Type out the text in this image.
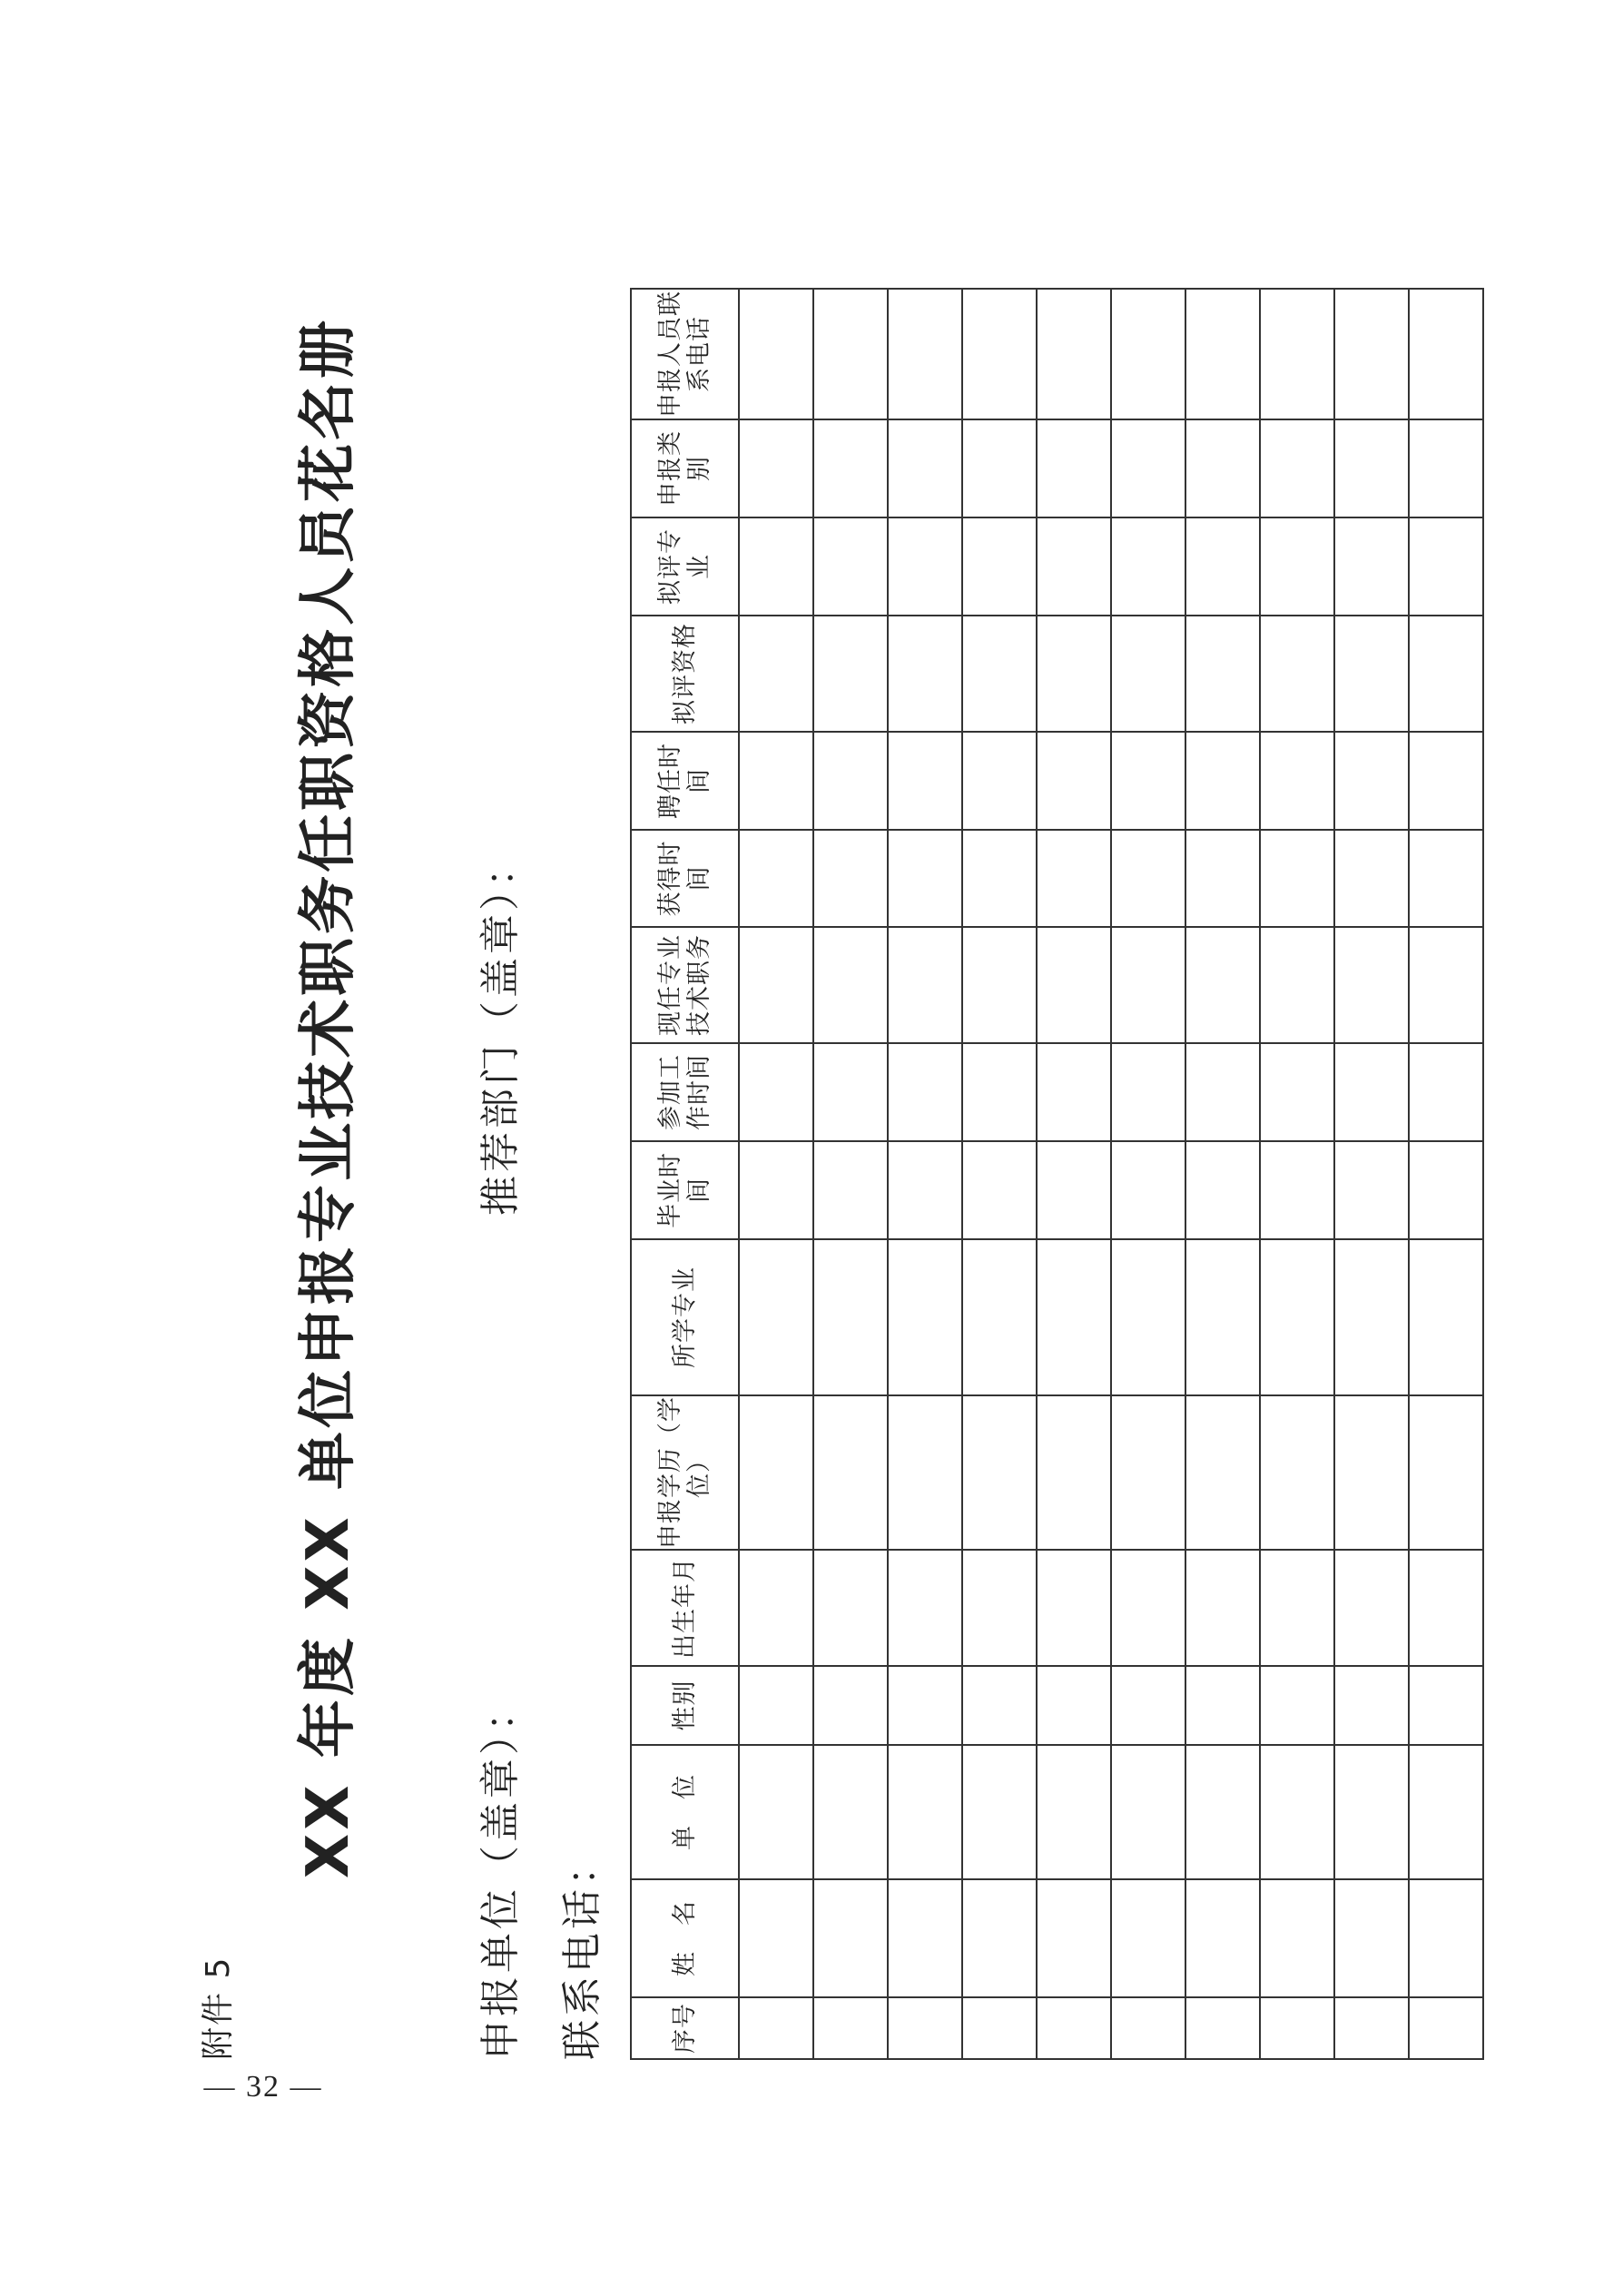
— 32 —
附件 5
XX 年度 XX 单位申报专业技术职务任职资格人员花名册	申报单位（盖章）：
推荐部门（盖章）：
联系电话：	序号	姓　名	单　位	性别	出生年月	申报学历（学位）	所学专业	毕业时间	参加工作时间	现任专业技术职务	获得时间	聘任时间	拟评资格	拟评专业	申报类别	申报人员联系电话
